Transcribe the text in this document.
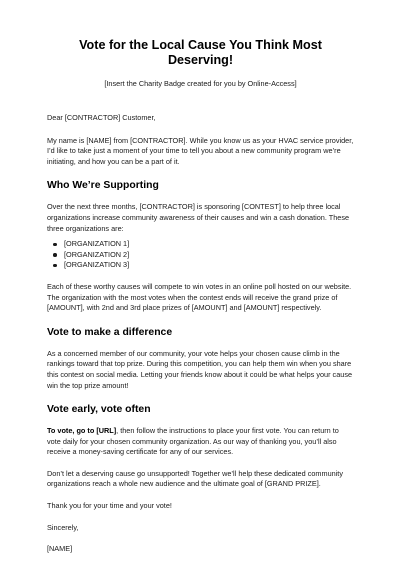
Vote for the Local Cause You Think Most Deserving!
[Insert the Charity Badge created for you by Online-Access]

Dear [CONTRACTOR] Customer,

My name is [NAME] from [CONTRACTOR]. While you know us as your HVAC service provider, I’d like to take just a moment of your time to tell you about a new community program we’re initiating, and how you can be a part of it.

Who We’re Supporting

Over the next three months, [CONTRACTOR] is sponsoring [CONTEST] to help three local organizations increase community awareness of their causes and win a cash donation. These three organizations are:

[ORGANIZATION 1]
[ORGANIZATION 2]
[ORGANIZATION 3]

Each of these worthy causes will compete to win votes in an online poll hosted on our website. The organization with the most votes when the contest ends will receive the grand prize of [AMOUNT], with 2nd and 3rd place prizes of [AMOUNT] and [AMOUNT] respectively.

Vote to make a difference

As a concerned member of our community, your vote helps your chosen cause climb in the rankings toward that top prize. During this competition, you can help them win when you share this contest on social media. Letting your friends know about it could be what helps your cause win the top prize amount!

Vote early, vote often

To vote, go to [URL], then follow the instructions to place your first vote. You can return to vote daily for your chosen community organization. As our way of thanking you, you’ll also receive a money-saving certificate for any of our services.

Don’t let a deserving cause go unsupported! Together we’ll help these dedicated community organizations reach a whole new audience and the ultimate goal of [GRAND PRIZE].

Thank you for your time and your vote!

Sincerely,

[NAME]
